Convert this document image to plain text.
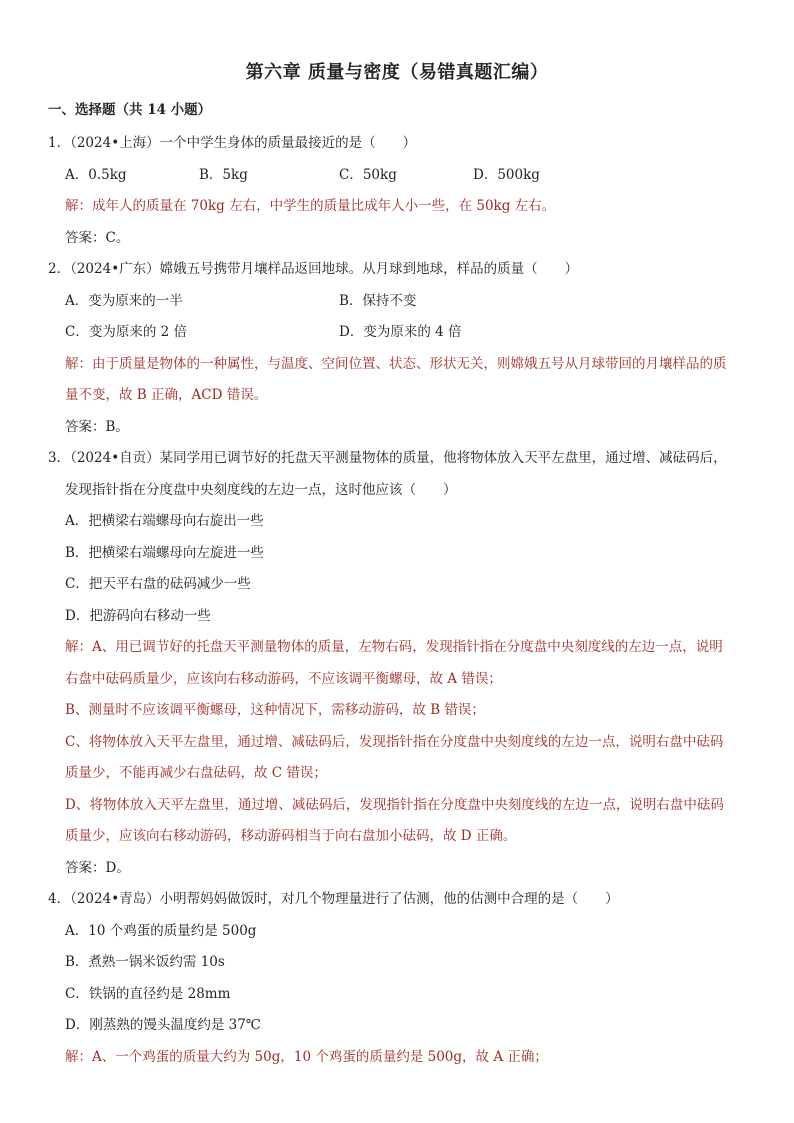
第六章 质量与密度（易错真题汇编）

一、选择题（共 14 小题）

1．（2024•上海）一个中学生身体的质量最接近的是（　　）

A．0.5kg	B．5kg	C．50kg	D．500kg

解：成年人的质量在 70kg 左右，中学生的质量比成年人小一些，在 50kg 左右。

答案：C。

2．（2024•广东）嫦娥五号携带月壤样品返回地球。从月球到地球，样品的质量（　　）

A．变为原来的一半	B．保持不变
C．变为原来的 2 倍	D．变为原来的 4 倍

解：由于质量是物体的一种属性，与温度、空间位置、状态、形状无关，则嫦娥五号从月球带回的月壤样品的质

量不变，故 B 正确，ACD 错误。

答案：B。

3．（2024•自贡）某同学用已调节好的托盘天平测量物体的质量，他将物体放入天平左盘里，通过增、减砝码后，

发现指针指在分度盘中央刻度线的左边一点，这时他应该（　　）

A．把横梁右端螺母向右旋出一些

B．把横梁右端螺母向左旋进一些

C．把天平右盘的砝码减少一些

D．把游码向右移动一些

解：A、用已调节好的托盘天平测量物体的质量，左物右码，发现指针指在分度盘中央刻度线的左边一点，说明

右盘中砝码质量少，应该向右移动游码，不应该调平衡螺母，故 A 错误；

B、测量时不应该调平衡螺母，这种情况下，需移动游码，故 B 错误；

C、将物体放入天平左盘里，通过增、减砝码后，发现指针指在分度盘中央刻度线的左边一点，说明右盘中砝码

质量少，不能再减少右盘砝码，故 C 错误；

D、将物体放入天平左盘里，通过增、减砝码后，发现指针指在分度盘中央刻度线的左边一点，说明右盘中砝码

质量少，应该向右移动游码，移动游码相当于向右盘加小砝码，故 D 正确。

答案：D。

4．（2024•青岛）小明帮妈妈做饭时，对几个物理量进行了估测，他的估测中合理的是（　　）

A．10 个鸡蛋的质量约是 500g

B．煮熟一锅米饭约需 10s

C．铁锅的直径约是 28mm

D．刚蒸熟的馒头温度约是 37℃

解：A、一个鸡蛋的质量大约为 50g，10 个鸡蛋的质量约是 500g，故 A 正确；
